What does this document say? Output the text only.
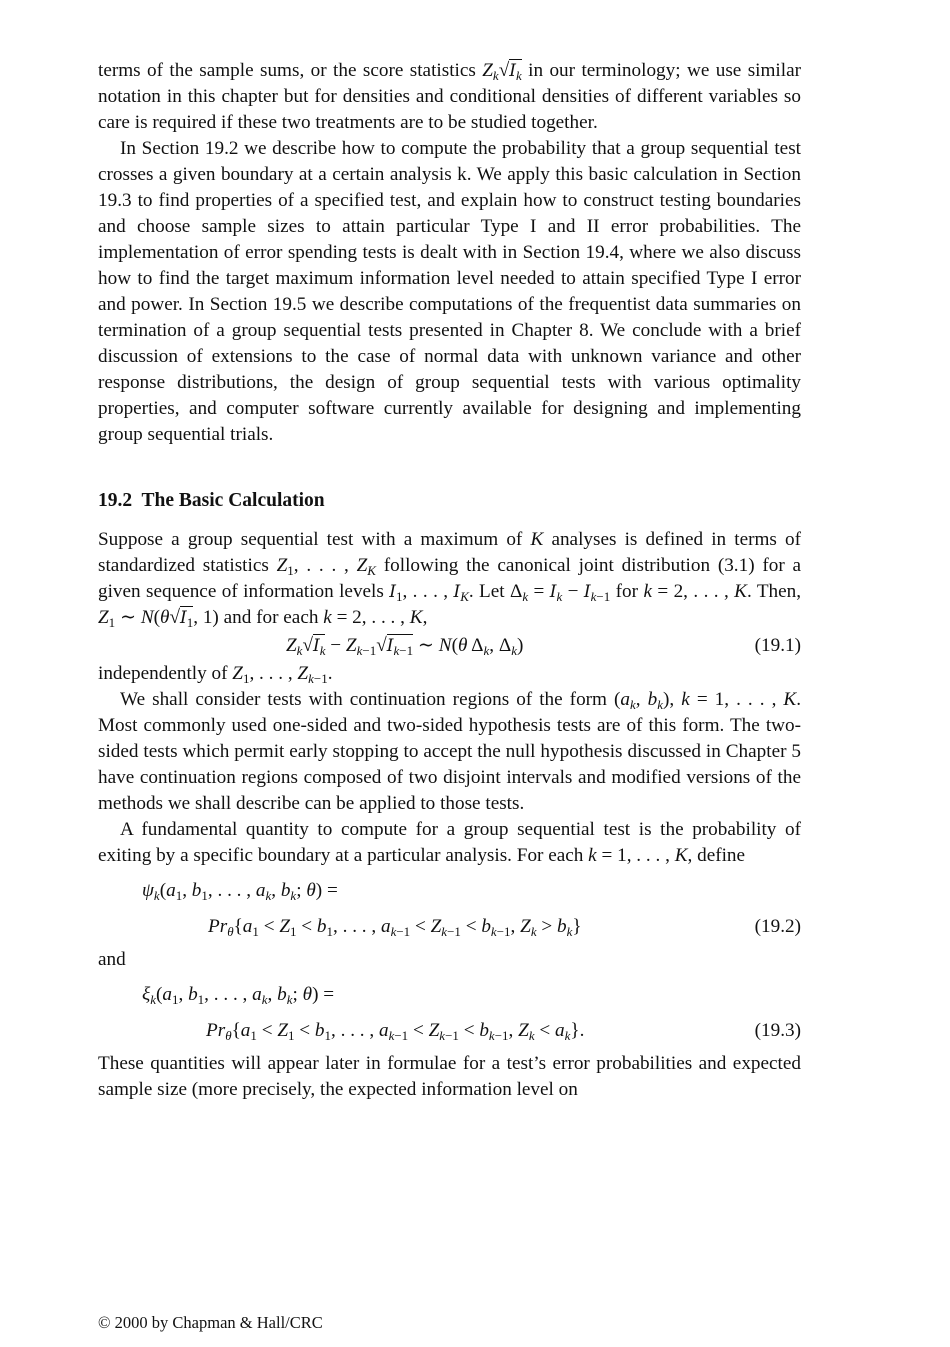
terms of the sample sums, or the score statistics $Z_k√I_k$ in our terminology; we use similar notation in this chapter but for densities and conditional densities of different variables so care is required if these two treatments are to be studied together.

In Section 19.2 we describe how to compute the probability that a group sequential test crosses a given boundary at a certain analysis k. We apply this basic calculation in Section 19.3 to find properties of a specified test, and explain how to construct testing boundaries and choose sample sizes to attain particular Type I and II error probabilities. The implementation of error spending tests is dealt with in Section 19.4, where we also discuss how to find the target maximum information level needed to attain specified Type I error and power. In Section 19.5 we describe computations of the frequentist data summaries on termination of a group sequential tests presented in Chapter 8. We conclude with a brief discussion of extensions to the case of normal data with unknown variance and other response distributions, the design of group sequential tests with various optimality properties, and computer software currently available for designing and implementing group sequential trials.

19.2 The Basic Calculation

Suppose a group sequential test with a maximum of K analyses is defined in terms of standardized statistics $Z_1$, . . . , $Z_K$ following the canonical joint distribution (3.1) for a given sequence of information levels $I_1$, . . . , $I_K$. Let $\Delta_k = I_k - I_{k-1}$ for k = 2, . . . , K. Then, $Z_1$ ∼ $N(\theta√I_1$, 1) and for each k = 2, . . . , K,

$Z_k√I_k - Z_{k-1}√I_{k-1}$ ∼ N(θ $\Delta_k$, $\Delta_k$)	(19.1)

independently of $Z_1$, . . . , $Z_{k-1}$.

We shall consider tests with continuation regions of the form ($a_k$, $b_k$), k = 1, . . . , K. Most commonly used one-sided and two-sided hypothesis tests are of this form. The two-sided tests which permit early stopping to accept the null hypothesis discussed in Chapter 5 have continuation regions composed of two disjoint intervals and modified versions of the methods we shall describe can be applied to those tests.

A fundamental quantity to compute for a group sequential test is the probability of exiting by a specific boundary at a particular analysis. For each k = 1, . . . , K, define

$\psi_k(a_1$, $b_1$, . . . , $a_k$, $b_k$; θ) =
$Pr_\theta\{a_1 < Z_1 < b_1$, . . . , $a_{k-1} < Z_{k-1} < b_{k-1}$, $Z_k > b_k$}	(19.2)

and

$\xi_k(a_1$, $b_1$, . . . , $a_k$, $b_k$; θ) =
$Pr_\theta\{a_1 < Z_1 < b_1$, . . . , $a_{k-1} < Z_{k-1} < b_{k-1}$, $Z_k < a_k$}.	(19.3)

These quantities will appear later in formulae for a test’s error probabilities and expected sample size (more precisely, the expected information level on

© 2000 by Chapman & Hall/CRC
